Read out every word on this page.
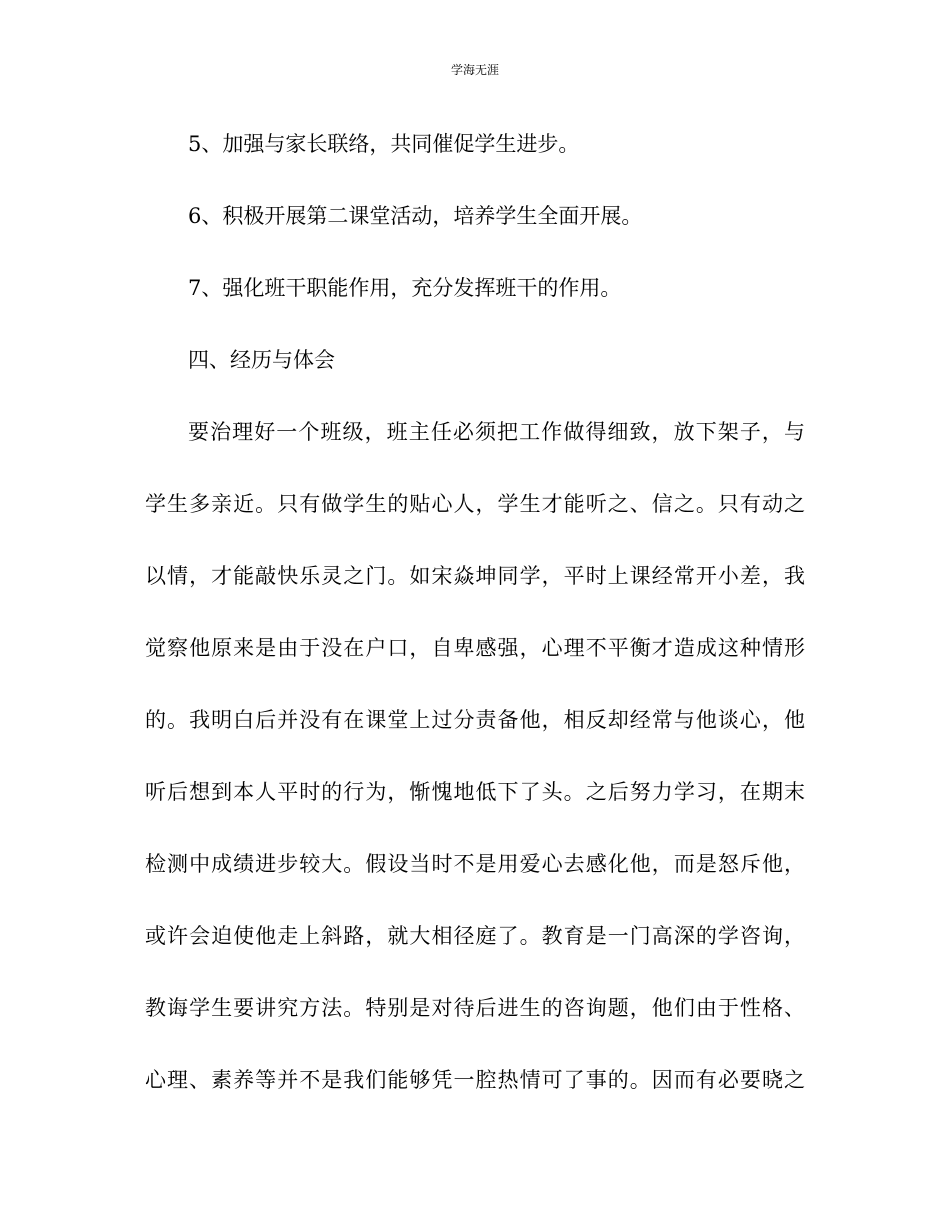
学海无涯
5、加强与家长联络，共同催促学生进步。
6、积极开展第二课堂活动，培养学生全面开展。
7、强化班干职能作用，充分发挥班干的作用。
四、经历与体会
要治理好一个班级，班主任必须把工作做得细致，放下架子，与
学生多亲近。只有做学生的贴心人，学生才能听之、信之。只有动之
以情，才能敲快乐灵之门。如宋焱坤同学，平时上课经常开小差，我
觉察他原来是由于没在户口，自卑感强，心理不平衡才造成这种情形
的。我明白后并没有在课堂上过分责备他，相反却经常与他谈心，他
听后想到本人平时的行为，惭愧地低下了头。之后努力学习，在期末
检测中成绩进步较大。假设当时不是用爱心去感化他，而是怒斥他，
或许会迫使他走上斜路，就大相径庭了。教育是一门高深的学咨询，
教诲学生要讲究方法。特别是对待后进生的咨询题，他们由于性格、
心理、素养等并不是我们能够凭一腔热情可了事的。因而有必要晓之
